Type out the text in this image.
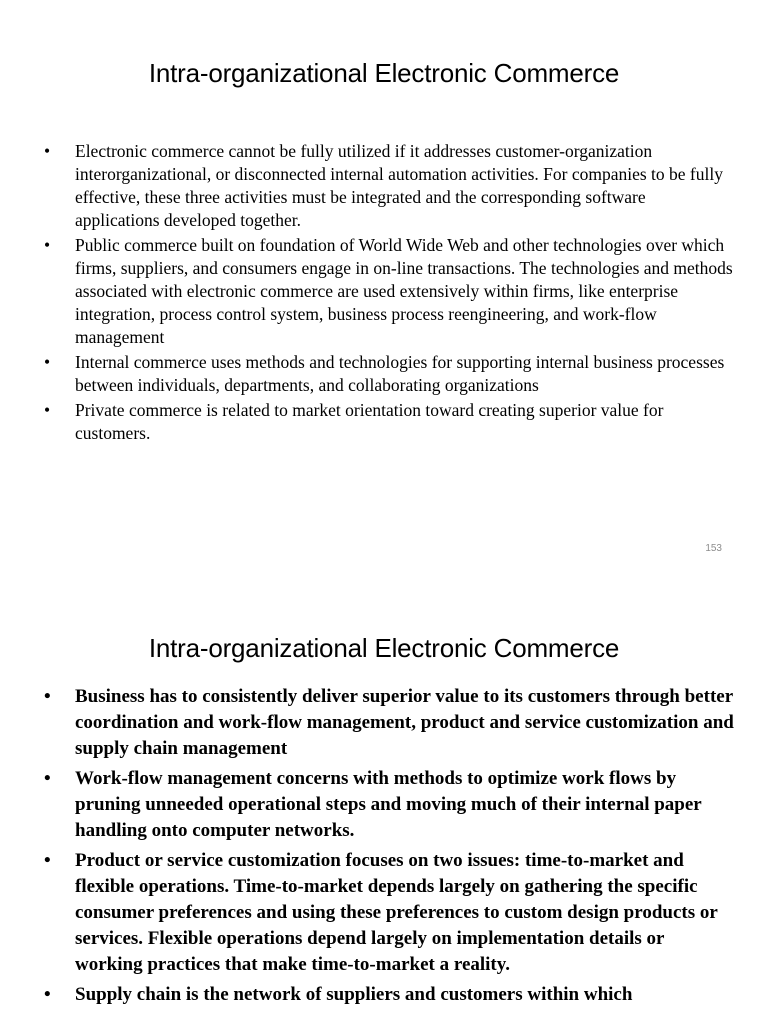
Intra-organizational Electronic Commerce
• Electronic commerce cannot be fully utilized if it addresses customer-organization interorganizational, or disconnected internal automation activities. For companies to be fully effective, these three activities must be integrated and the corresponding software applications developed together.
• Public commerce built on foundation of World Wide Web and other technologies over which firms, suppliers, and consumers engage in on-line transactions. The technologies and methods associated with electronic commerce are used extensively within firms, like enterprise integration, process control system, business process reengineering, and work-flow management
• Internal commerce uses methods and technologies for supporting internal business processes between individuals, departments, and collaborating organizations
• Private commerce is related to market orientation toward creating superior value for customers.
153
Intra-organizational Electronic Commerce
• Business has to consistently deliver superior value to its customers through better coordination and work-flow management, product and service customization and supply chain management
• Work-flow management concerns with methods to optimize work flows by pruning unneeded operational steps and moving much of their internal paper handling onto computer networks.
• Product or service customization focuses on two issues: time-to-market and flexible operations. Time-to-market depends largely on gathering the specific consumer preferences and using these preferences to custom design products or services. Flexible operations depend largely on implementation details or working practices that make time-to-market a reality.
• Supply chain is the network of suppliers and customers within which
